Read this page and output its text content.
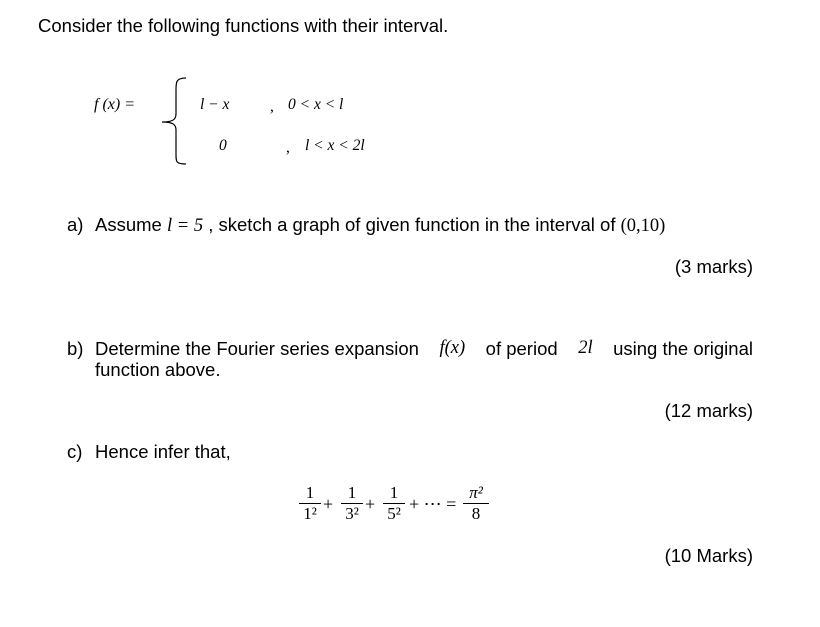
Consider the following functions with their interval.
f (x) =	l − x	, 0 < x < l
0	, l < x < 2l
a) Assume l = 5 , sketch a graph of given function in the interval of (0,10)
(3 marks)
b) Determine the Fourier series expansion f(x) of period 2l using the original
function above.
(12 marks)
c) Hence infer that,
1
1² +
1
3² +
1
5² + ⋯ =
π²
8
(10 Marks)
